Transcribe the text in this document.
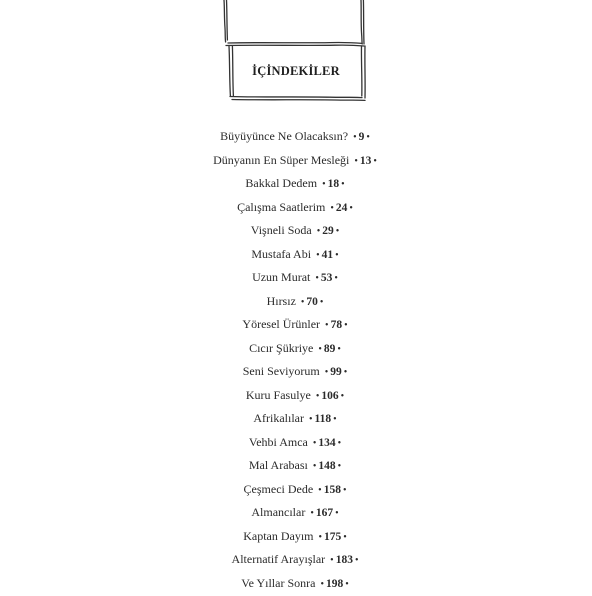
İÇİNDEKİLER
Büyüyünce Ne Olacaksın? • 9 •
Dünyanın En Süper Mesleği • 13 •
Bakkal Dedem • 18 •
Çalışma Saatlerim • 24 •
Vişneli Soda • 29 •
Mustafa Abi • 41 •
Uzun Murat • 53 •
Hırsız • 70 •
Yöresel Ürünler • 78 •
Cıcır Şükriye • 89 •
Seni Seviyorum • 99 •
Kuru Fasulye • 106 •
Afrikalılar • 118 •
Vehbi Amca • 134 •
Mal Arabası • 148 •
Çeşmeci Dede • 158 •
Almancılar • 167 •
Kaptan Dayım • 175 •
Alternatif Arayışlar • 183 •
Ve Yıllar Sonra • 198 •
